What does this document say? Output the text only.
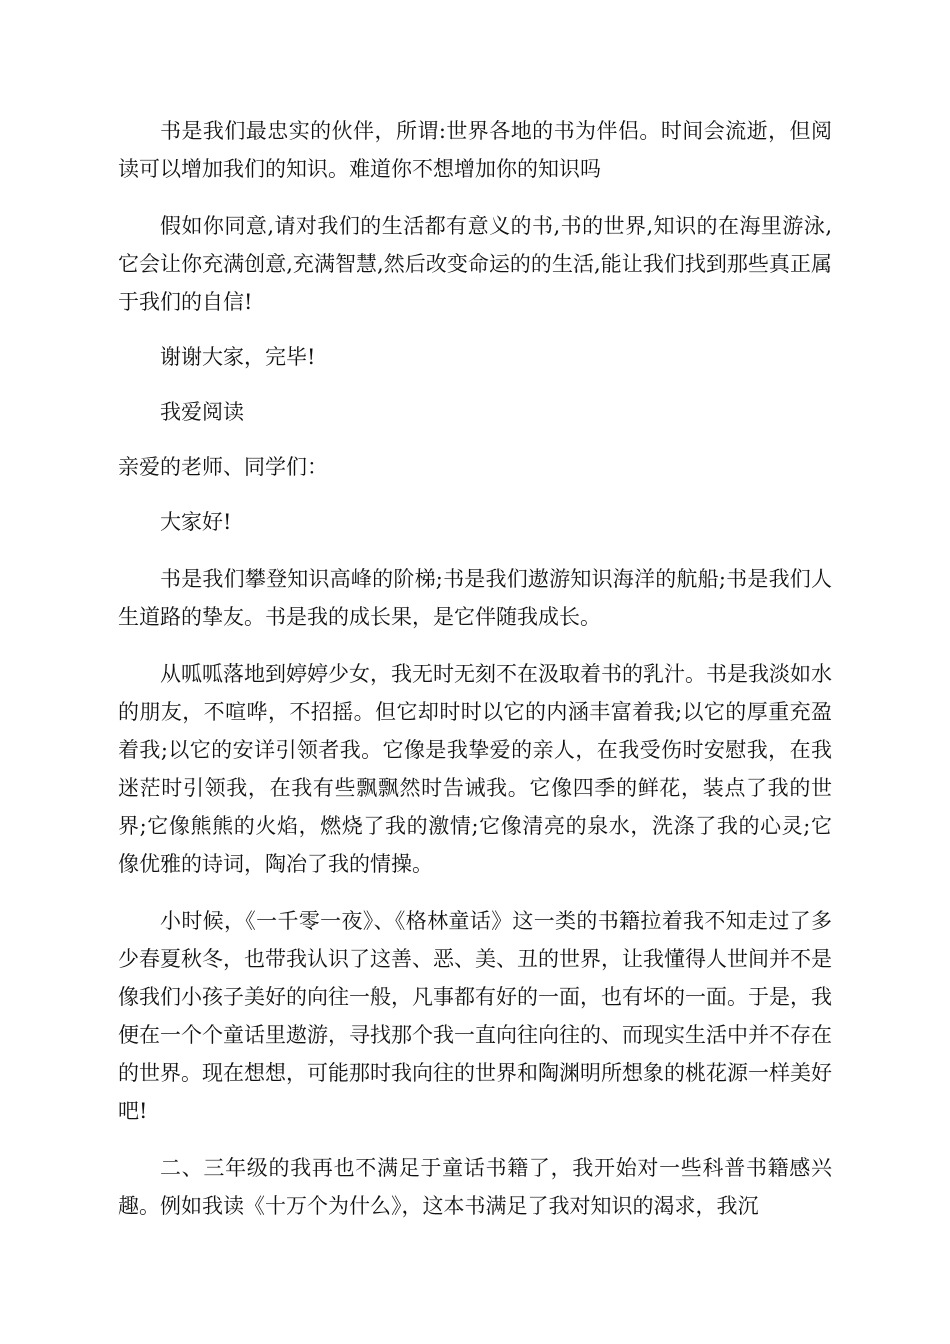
书是我们最忠实的伙伴，所谓:世界各地的书为伴侣。时间会流逝，但阅读可以增加我们的知识。难道你不想增加你的知识吗

假如你同意,请对我们的生活都有意义的书,书的世界,知识的在海里游泳,它会让你充满创意,充满智慧,然后改变命运的的生活,能让我们找到那些真正属于我们的自信!

谢谢大家，完毕!

我爱阅读

亲爱的老师、同学们：

大家好!

书是我们攀登知识高峰的阶梯;书是我们遨游知识海洋的航船;书是我们人生道路的挚友。书是我的成长果，是它伴随我成长。

从呱呱落地到婷婷少女，我无时无刻不在汲取着书的乳汁。书是我淡如水的朋友，不喧哗，不招摇。但它却时时以它的内涵丰富着我;以它的厚重充盈着我;以它的安详引领者我。它像是我挚爱的亲人，在我受伤时安慰我，在我迷茫时引领我，在我有些飘飘然时告诫我。它像四季的鲜花，装点了我的世界;它像熊熊的火焰，燃烧了我的激情;它像清亮的泉水，洗涤了我的心灵;它像优雅的诗词，陶冶了我的情操。

小时候，《一千零一夜》、《格林童话》这一类的书籍拉着我不知走过了多少春夏秋冬，也带我认识了这善、恶、美、丑的世界，让我懂得人世间并不是像我们小孩子美好的向往一般，凡事都有好的一面，也有坏的一面。于是，我便在一个个童话里遨游，寻找那个我一直向往向往的、而现实生活中并不存在的世界。现在想想，可能那时我向往的世界和陶渊明所想象的桃花源一样美好吧!

二、三年级的我再也不满足于童话书籍了，我开始对一些科普书籍感兴趣。例如我读《十万个为什么》，这本书满足了我对知识的渴求，我沉
